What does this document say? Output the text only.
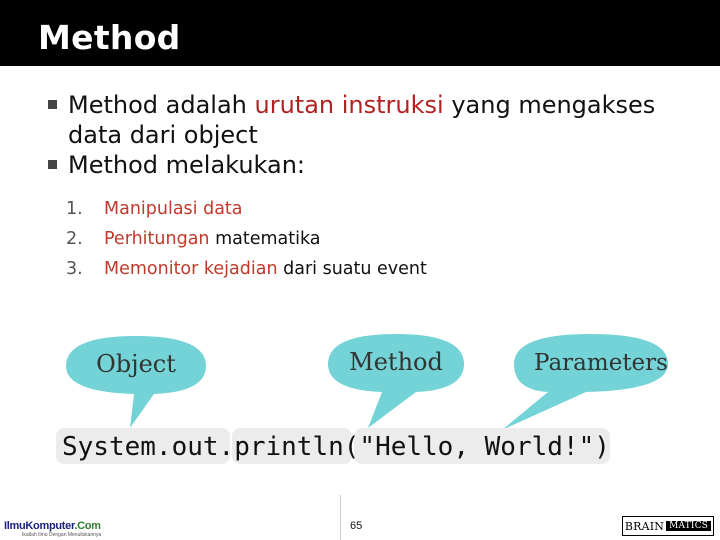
Method
Method adalah urutan instruksi yang mengakses data dari object
Method melakukan:
1. Manipulasi data
2. Perhitungan matematika
3. Memonitor kejadian dari suatu event
Object	Method	Parameters
System.out.println("Hello, World!")
IlmuKomputer.Com
Ikatlah Ilmu Dengan Menuliskannya
65	BRAIN MATICS
